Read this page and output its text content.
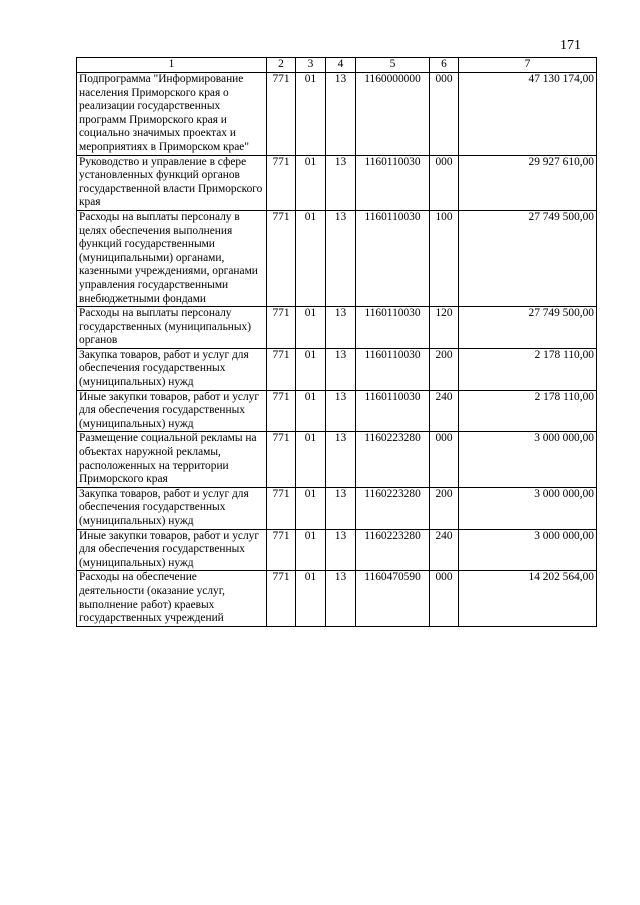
171
1	2	3	4	5	6	7
Подпрограмма "Информирование населения Приморского края о реализации государственных программ Приморского края и социально значимых проектах и мероприятиях в Приморском крае"	771	01	13	1160000000	000	47 130 174,00
Руководство и управление в сфере установленных функций органов государственной власти Приморского края	771	01	13	1160110030	000	29 927 610,00
Расходы на выплаты персоналу в целях обеспечения выполнения функций государственными (муниципальными) органами, казенными учреждениями, органами управления государственными внебюджетными фондами	771	01	13	1160110030	100	27 749 500,00
Расходы на выплаты персоналу государственных (муниципальных) органов	771	01	13	1160110030	120	27 749 500,00
Закупка товаров, работ и услуг для обеспечения государственных (муниципальных) нужд	771	01	13	1160110030	200	2 178 110,00
Иные закупки товаров, работ и услуг для обеспечения государственных (муниципальных) нужд	771	01	13	1160110030	240	2 178 110,00
Размещение социальной рекламы на объектах наружной рекламы, расположенных на территории Приморского края	771	01	13	1160223280	000	3 000 000,00
Закупка товаров, работ и услуг для обеспечения государственных (муниципальных) нужд	771	01	13	1160223280	200	3 000 000,00
Иные закупки товаров, работ и услуг для обеспечения государственных (муниципальных) нужд	771	01	13	1160223280	240	3 000 000,00
Расходы на обеспечение деятельности (оказание услуг, выполнение работ) краевых государственных учреждений	771	01	13	1160470590	000	14 202 564,00
